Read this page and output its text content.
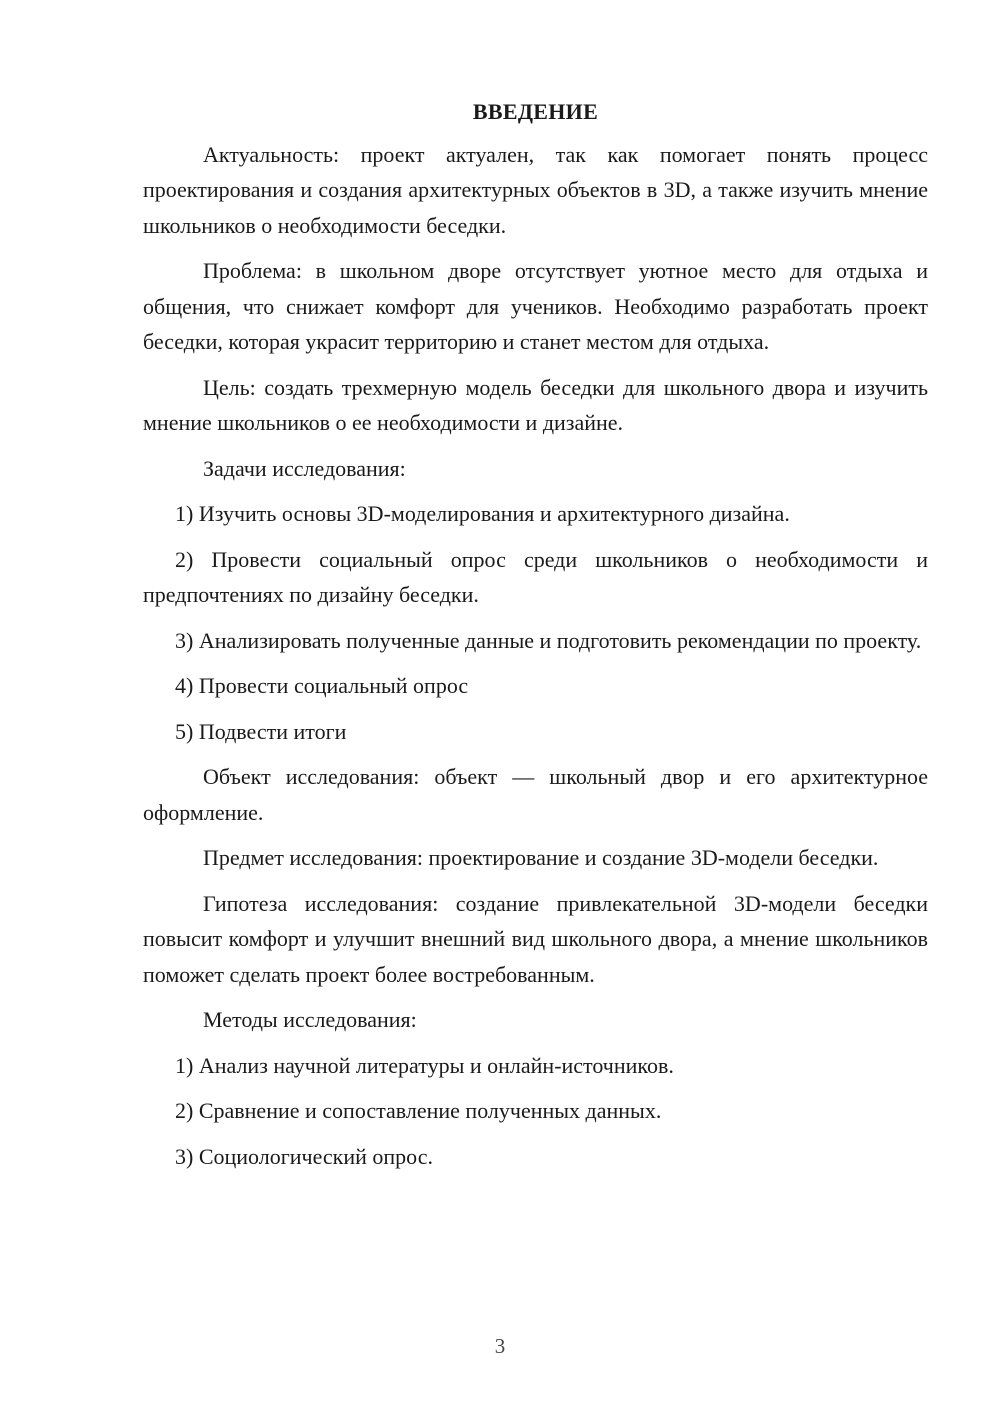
ВВЕДЕНИЕ

Актуальность: проект актуален, так как помогает понять процесс проектирования и создания архитектурных объектов в 3D, а также изучить мнение школьников о необходимости беседки.

Проблема: в школьном дворе отсутствует уютное место для отдыха и общения, что снижает комфорт для учеников. Необходимо разработать проект беседки, которая украсит территорию и станет местом для отдыха.

Цель: создать трехмерную модель беседки для школьного двора и изучить мнение школьников о ее необходимости и дизайне.

Задачи исследования:

1) Изучить основы 3D-моделирования и архитектурного дизайна.

2) Провести социальный опрос среди школьников о необходимости и предпочтениях по дизайну беседки.

3) Анализировать полученные данные и подготовить рекомендации по проекту.

4) Провести социальный опрос

5) Подвести итоги

Объект исследования: объект — школьный двор и его архитектурное оформление.

Предмет исследования: проектирование и создание 3D-модели беседки.

Гипотеза исследования: создание привлекательной 3D-модели беседки повысит комфорт и улучшит внешний вид школьного двора, а мнение школьников поможет сделать проект более востребованным.

Методы исследования:

1) Анализ научной литературы и онлайн-источников.

2) Сравнение и сопоставление полученных данных.

3) Социологический опрос.

3
